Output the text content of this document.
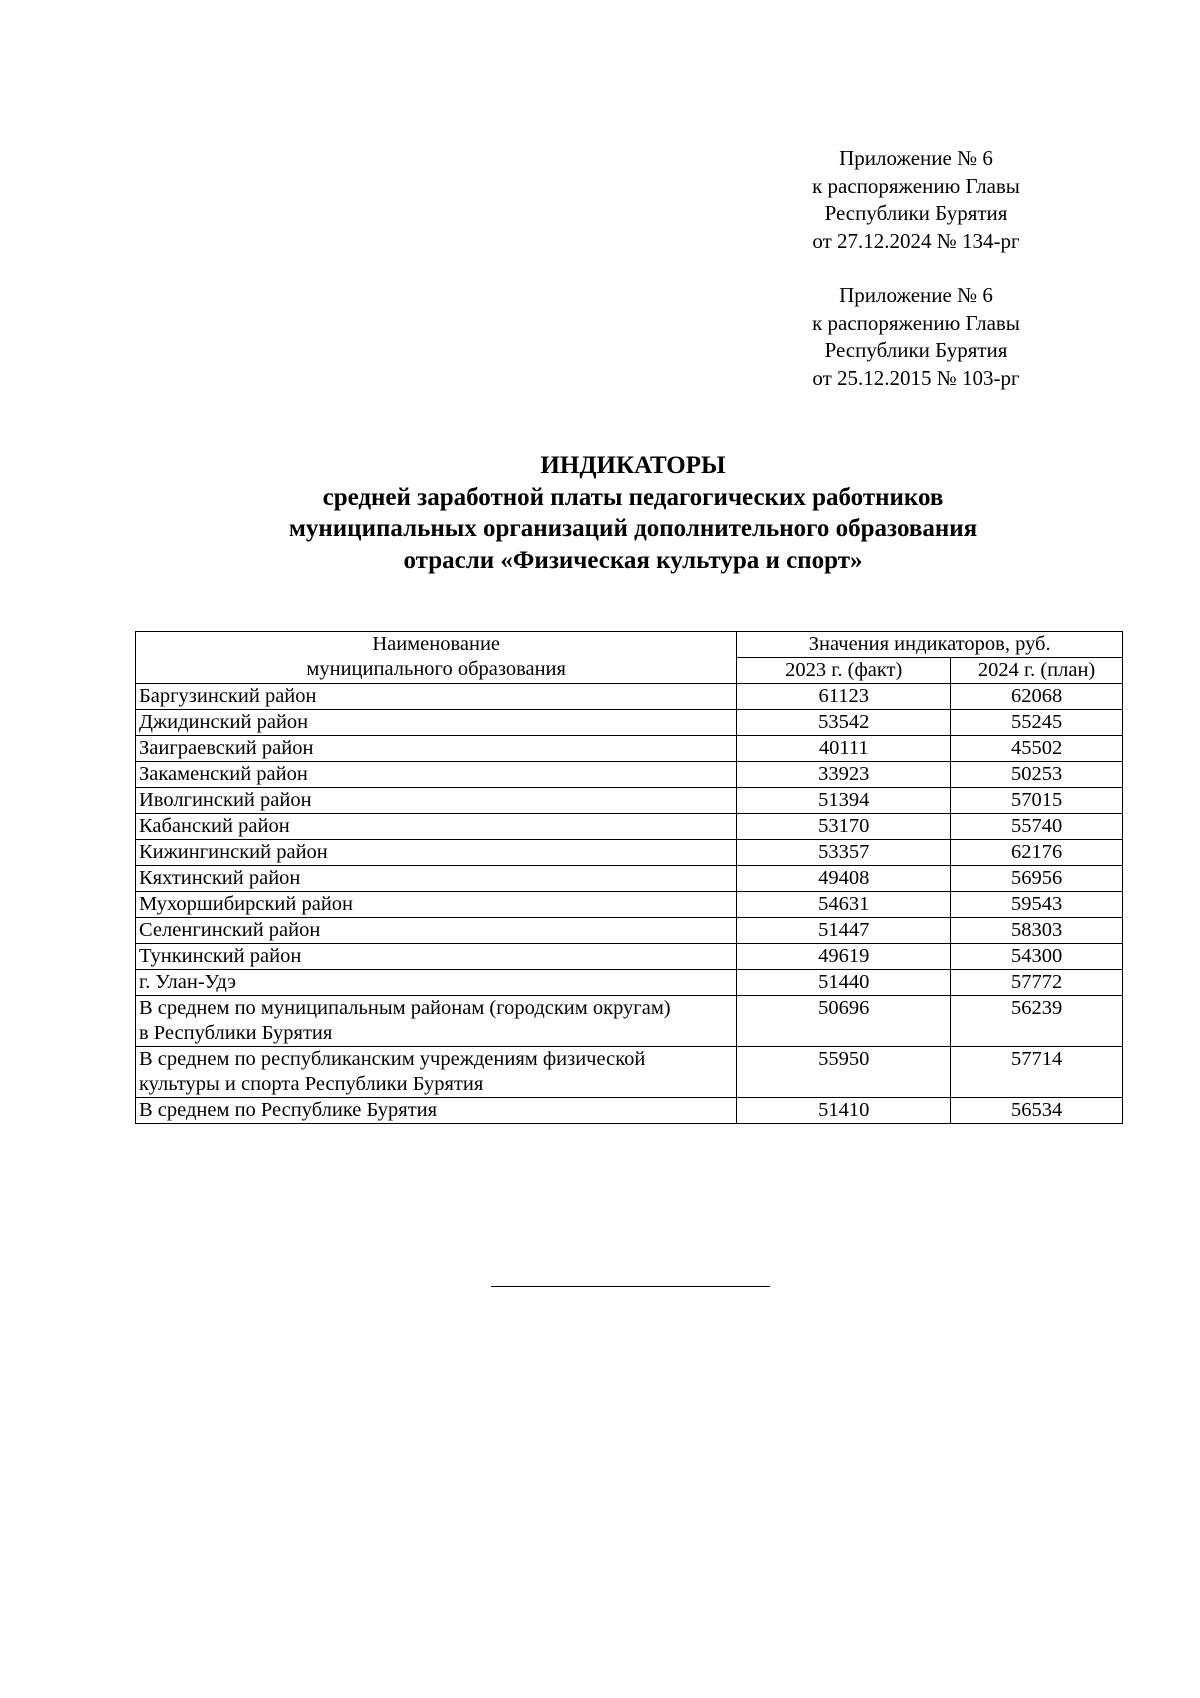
Приложение № 6
к распоряжению Главы
Республики Бурятия
от 27.12.2024 № 134-рг
Приложение № 6
к распоряжению Главы
Республики Бурятия
от 25.12.2015 № 103-рг
ИНДИКАТОРЫ
средней заработной платы педагогических работников
муниципальных организаций дополнительного образования
отрасли «Физическая культура и спорт»
Наименование
муниципального образования	Значения индикаторов, руб.	
	2023 г. (факт)	2024 г. (план)
Баргузинский район	61123	62068
Джидинский район	53542	55245
Заиграевский район	40111	45502
Закаменский район	33923	50253
Иволгинский район	51394	57015
Кабанский район	53170	55740
Кижингинский район	53357	62176
Кяхтинский район	49408	56956
Мухоршибирский район	54631	59543
Селенгинский район	51447	58303
Тункинский район	49619	54300
г. Улан-Удэ	51440	57772

В среднем по муниципальным районам (городским округам)
в Республики Бурятия	50696	56239

В среднем по республиканским учреждениям физической
культуры и спорта Республики Бурятия	55950	57714
В среднем по Республике Бурятия	51410	56534
